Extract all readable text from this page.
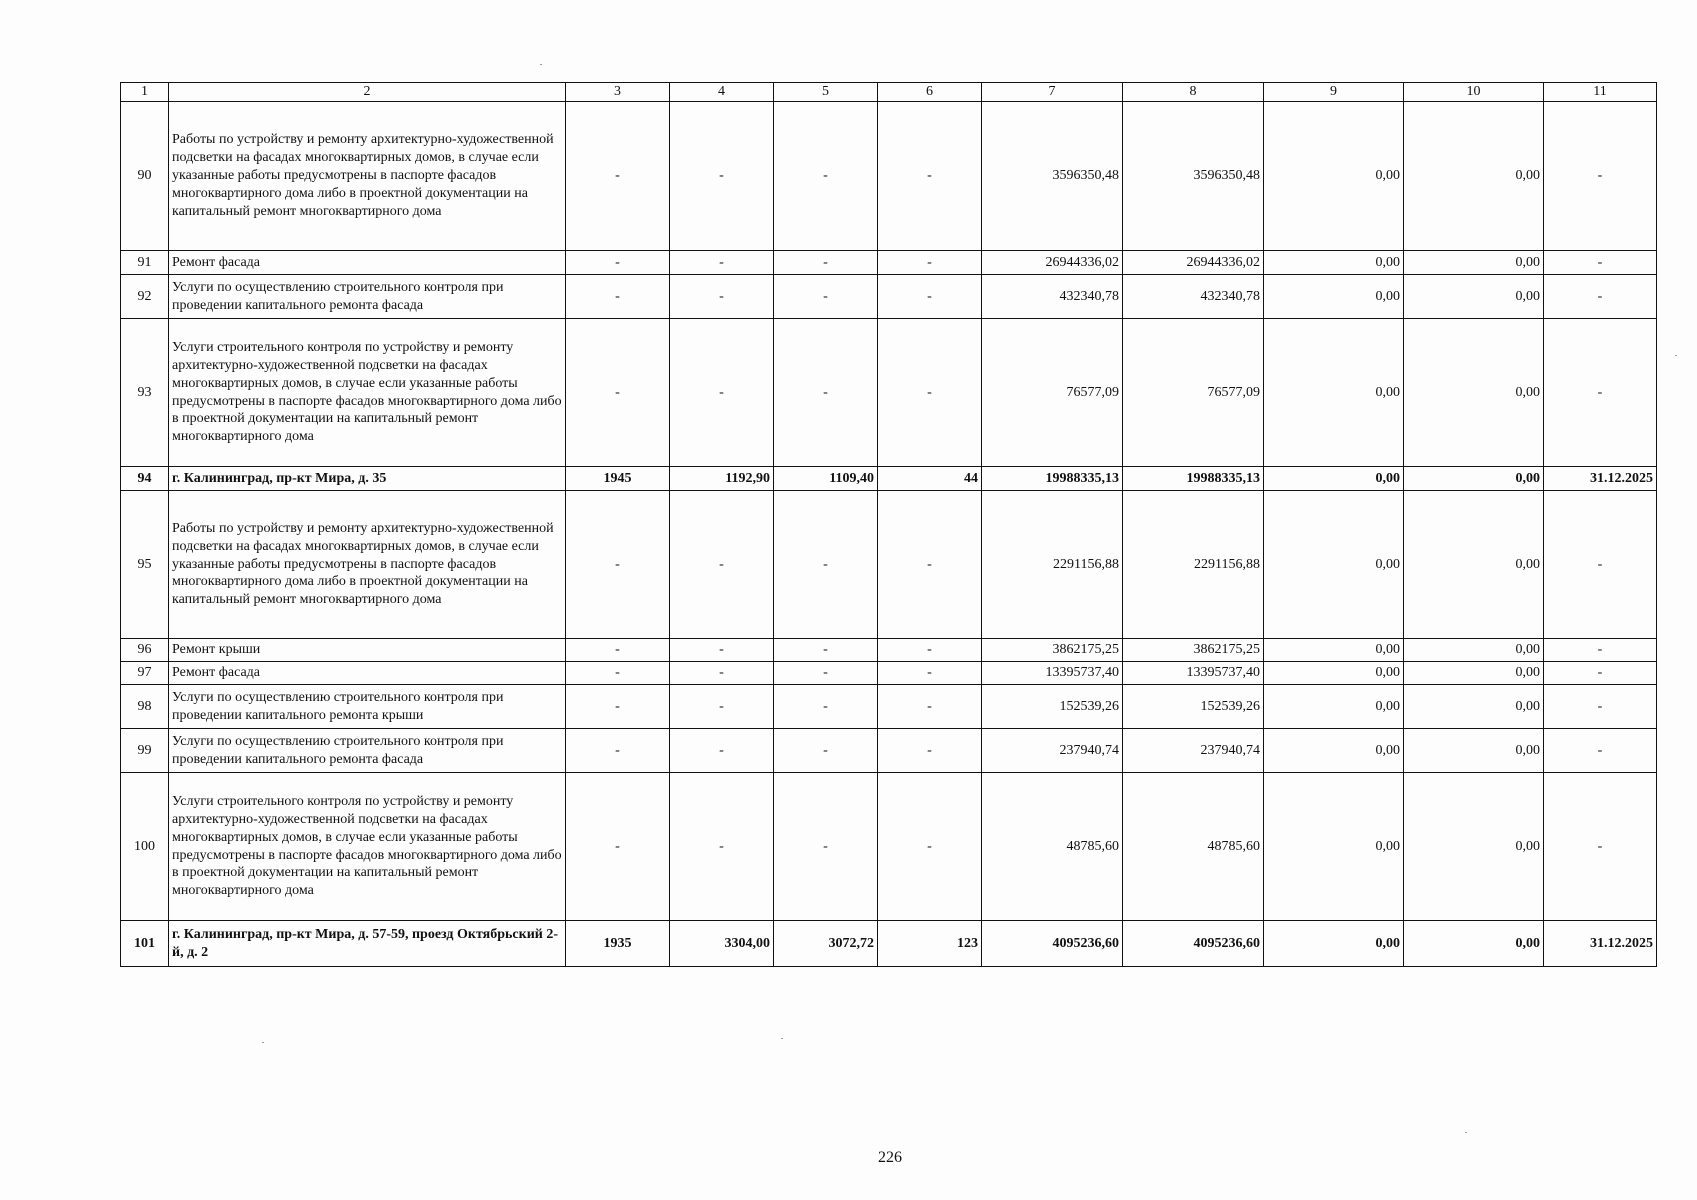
1	2	3	4	5	6	7	8	9	10	11
90	Работы по устройству и ремонту архитектурно-художественной подсветки на фасадах многоквартирных домов, в случае если указанные работы предусмотрены в паспорте фасадов многоквартирного дома либо в проектной документации на капитальный ремонт многоквартирного дома	-	-	-	-	3596350,48	3596350,48	0,00	0,00	-
91	Ремонт фасада	-	-	-	-	26944336,02	26944336,02	0,00	0,00	-
92	Услуги по осуществлению строительного контроля при проведении капитального ремонта фасада	-	-	-	-	432340,78	432340,78	0,00	0,00	-
93	Услуги строительного контроля по устройству и ремонту архитектурно-художественной подсветки на фасадах многоквартирных домов, в случае если указанные работы предусмотрены в паспорте фасадов многоквартирного дома либо в проектной документации на капитальный ремонт многоквартирного дома	-	-	-	-	76577,09	76577,09	0,00	0,00	-
94	г. Калининград, пр-кт Мира, д. 35	1945	1192,90	1109,40	44	19988335,13	19988335,13	0,00	0,00	31.12.2025
95	Работы по устройству и ремонту архитектурно-художественной подсветки на фасадах многоквартирных домов, в случае если указанные работы предусмотрены в паспорте фасадов многоквартирного дома либо в проектной документации на капитальный ремонт многоквартирного дома	-	-	-	-	2291156,88	2291156,88	0,00	0,00	-
96	Ремонт крыши	-	-	-	-	3862175,25	3862175,25	0,00	0,00	-
97	Ремонт фасада	-	-	-	-	13395737,40	13395737,40	0,00	0,00	-
98	Услуги по осуществлению строительного контроля при проведении капитального ремонта крыши	-	-	-	-	152539,26	152539,26	0,00	0,00	-
99	Услуги по осуществлению строительного контроля при проведении капитального ремонта фасада	-	-	-	-	237940,74	237940,74	0,00	0,00	-
100	Услуги строительного контроля по устройству и ремонту архитектурно-художественной подсветки на фасадах многоквартирных домов, в случае если указанные работы предусмотрены в паспорте фасадов многоквартирного дома либо в проектной документации на капитальный ремонт многоквартирного дома	-	-	-	-	48785,60	48785,60	0,00	0,00	-
101	г. Калининград, пр-кт Мира, д. 57-59, проезд Октябрьский 2-й, д. 2	1935	3304,00	3072,72	123	4095236,60	4095236,60	0,00	0,00	31.12.2025
226
